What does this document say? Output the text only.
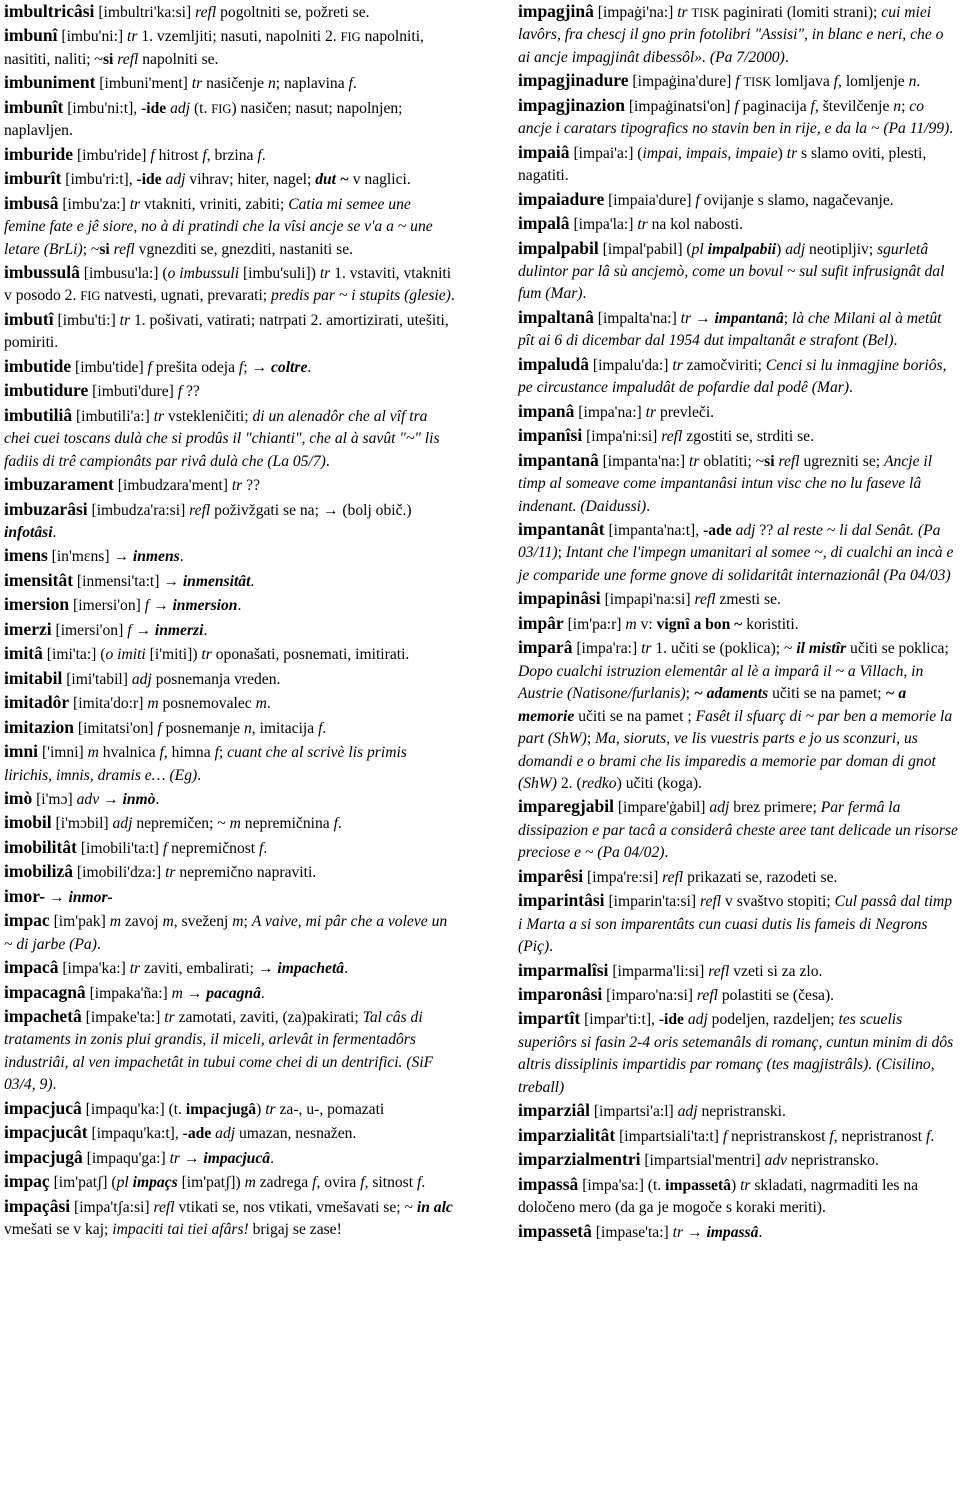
imbultricâsi [imbultri'ka:si] refl pogoltniti se, požreti se.

imbunî [imbu'ni:] tr 1. vzemljiti; nasuti, napolniti 2. FIG napolniti, nasititi, naliti; ~si refl napolniti se.

imbuniment [imbuni'ment] tr nasičenje n; naplavina f.

imbunît [imbu'ni:t], -ide adj (t. FIG) nasičen; nasut; napolnjen; naplavljen.

imburide [imbu'ride] f hitrost f, brzina f.

imburît [imbu'ri:t], -ide adj vihrav; hiter, nagel; dut ~ v naglici.

imbusâ [imbu'za:] tr vtakniti, vriniti, zabiti; Catia mi semee une femine fate e jê siore, no à di pratindi che la vîsi ancje se v'a a ~ une letare (BrLi); ~si refl vgnezditi se, gnezditi, nastaniti se.

imbussulâ [imbusu'la:] (o imbussuli [imbu'suli]) tr 1. vstaviti, vtakniti v posodo 2. FIG natvesti, ugnati, prevarati; predis par ~ i stupits (glesie).

imbutî [imbu'ti:] tr 1. pošivati, vatirati; natrpati 2. amortizirati, utešiti, pomiriti.

imbutide [imbu'tide] f prešita odeja f; → coltre.

imbutidure [imbuti'dure] f ??

imbutiliâ [imbutili'a:] tr vstekleničiti; di un alenadôr che al vîf tra chei cuei toscans dulà che si prodûs il "chianti", che al à savût "~" lis fadiis di trê campionâts par rivâ dulà che (La 05/7).

imbuzarament [imbudzara'ment] tr ??

imbuzarâsi [imbudza'ra:si] refl poživžgati se na; → (bolj obič.) infotâsi.

imens [in'mɛns] → inmens.

imensitât [inmensi'ta:t] → inmensitât.

imersion [imersi'on] f → inmersion.

imerzi [imersi'on] f → inmerzi.

imitâ [imi'ta:] (o imiti [i'miti]) tr oponašati, posnemati, imitirati.

imitabil [imi'tabil] adj posnemanja vreden.

imitadôr [imita'do:r] m posnemovalec m.

imitazion [imitatsi'on] f posnemanje n, imitacija f.

imni ['imni] m hvalnica f, himna f; cuant che al scrivè lis primis lirichis, imnis, dramis e… (Eg).

imò [i'mɔ] adv → inmò.

imobil [i'mɔbil] adj nepremičen; ~ m nepremičnina f.

imobilitât [imobili'ta:t] f nepremičnost f.

imobilizâ [imobili'dza:] tr nepremično napraviti.

imor- → inmor-

impac [im'pak] m zavoj m, sveženj m; A vaive, mi pâr che a voleve un ~ di jarbe (Pa).

impacâ [impa'ka:] tr zaviti, embalirati; → impachetâ.

impacagnâ [impaka'ña:] m → pacagnâ.

impachetâ [impake'ta:] tr zamotati, zaviti, (za)pakirati; Tal câs di trataments in zonis plui grandis, il miceli, arlevât in fermentadôrs industriâi, al ven impachetât in tubui come chei di un dentrifici. (SiF 03/4, 9).

impacjucâ [impaqu'ka:] (t. impacjugâ) tr za-, u-, pomazati

impacjucât [impaqu'ka:t], -ade adj umazan, nesnažen.

impacjugâ [impaqu'ga:] tr → impacjucâ.

impaç [im'patʃ] (pl impaçs [im'patʃ]) m zadrega f, ovira f, sitnost f.

impaçâsi [impa'tʃa:si] refl vtikati se, nos vtikati, vmešavati se; ~ in alc vmešati se v kaj; impaciti tai tiei afârs! brigaj se zase!

impagjinâ [impaġi'na:] tr TISK paginirati (lomiti strani); cui miei lavôrs, fra chescj il gno prin fotolibri "Assisi", in blanc e neri, che o ai ancje impagjinât dibessôl». (Pa 7/2000).

impagjinadure [impaġina'dure] f TISK lomljava f, lomljenje n.

impagjinazion [impaġinatsi'on] f paginacija f, številčenje n; co ancje i caratars tipografics no stavin ben in rije, e da la ~ (Pa 11/99).

impaiâ [impai'a:] (impai, impais, impaie) tr s slamo oviti, plesti, nagatiti.

impaiadure [impaia'dure] f ovijanje s slamo, nagačevanje.

impalâ [impa'la:] tr na kol nabosti.

impalpabil [impal'pabil] (pl impalpabii) adj neotipljiv; sgurletâ dulintor par lâ sù ancjemò, come un bovul ~ sul sufit infrusignât dal fum (Mar).

impaltanâ [impalta'na:] tr → impantanâ; là che Milani al à metût pît ai 6 di dicembar dal 1954 dut impaltanât e strafont (Bel).

impaludâ [impalu'da:] tr zamočviriti; Cenci si lu inmagjine boriôs, pe circustance impaludât de pofardie dal podê (Mar).

impanâ [impa'na:] tr prevleči.

impanîsi [impa'ni:si] refl zgostiti se, strditi se.

impantanâ [impanta'na:] tr oblatiti; ~si refl ugrezniti se; Ancje il timp al someave come impantanâsi intun visc che no lu faseve lâ indenant. (Daidussi).

impantanât [impanta'na:t], -ade adj ?? al reste ~ li dal Senât. (Pa 03/11); Intant che l'impegn umanitari al somee ~, di cualchi an incà e je comparide une forme gnove di solidaritât internazionâl (Pa 04/03)

impapinâsi [impapi'na:si] refl zmesti se.

impâr [im'pa:r] m v: vignî a bon ~ koristiti.

imparâ [impa'ra:] tr 1. učiti se (poklica); ~ il mistîr učiti se poklica; Dopo cualchi istruzion elementâr al lè a imparâ il ~ a Villach, in Austrie (Natisone/furlanis); ~ adaments učiti se na pamet; ~ a memorie učiti se na pamet ; Fasêt il sfuarç di ~ par ben a memorie la part (ShW); Ma, sioruts, ve lis vuestris parts e jo us sconzuri, us domandi e o brami che lis imparedis a memorie par doman di gnot (ShW) 2. (redko) učiti (koga).

imparegjabil [impare'ġabil] adj brez primere; Par fermâ la dissipazion e par tacâ a considerâ cheste aree tant delicade un risorse preciose e ~ (Pa 04/02).

imparêsi [impa're:si] refl prikazati se, razodeti se.

imparintâsi [imparin'ta:si] refl v svaštvo stopiti; Cul passâ dal timp i Marta a si son imparentâts cun cuasi dutis lis fameis di Negrons (Piç).

imparmalîsi [imparma'li:si] refl vzeti si za zlo.

imparonâsi [imparo'na:si] refl polastiti se (česa).

impartît [impar'ti:t], -ide adj podeljen, razdeljen; tes scuelis superiôrs si fasin 2-4 oris setemanâls di romanç, cuntun minim di dôs altris dissiplinis impartidis par romanç (tes magjistrâls). (Cisilino, treball)

imparziâl [impartsi'a:l] adj nepristranski.

imparzialitât [impartsiali'ta:t] f nepristranskost f, nepristranost f.

imparzialmentri [impartsial'mentri] adv nepristransko.

impassâ [impa'sa:] (t. impassetâ) tr skladati, nagrmaditi les na določeno mero (da ga je mogoče s koraki meriti).

impassetâ [impase'ta:] tr → impassâ.
